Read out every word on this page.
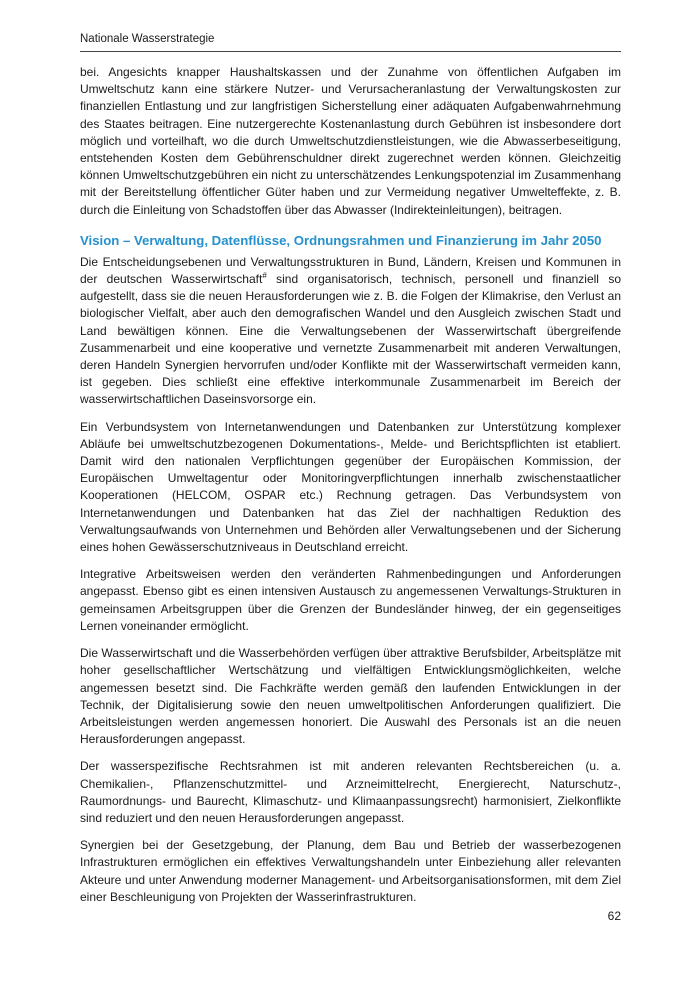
Nationale Wasserstrategie

bei. Angesichts knapper Haushaltskassen und der Zunahme von öffentlichen Aufgaben im Umweltschutz kann eine stärkere Nutzer- und Verursacheranlastung der Verwaltungskosten zur finanziellen Entlastung und zur langfristigen Sicherstellung einer adäquaten Aufgabenwahrnehmung des Staates beitragen. Eine nutzergerechte Kostenanlastung durch Gebühren ist insbesondere dort möglich und vorteilhaft, wo die durch Umweltschutzdienstleistungen, wie die Abwasserbeseitigung, entstehenden Kosten dem Gebührenschuldner direkt zugerechnet werden können. Gleichzeitig können Umweltschutzgebühren ein nicht zu unterschätzendes Lenkungspotenzial im Zusammenhang mit der Bereitstellung öffentlicher Güter haben und zur Vermeidung negativer Umwelteffekte, z. B. durch die Einleitung von Schadstoffen über das Abwasser (Indirekteinleitungen), beitragen.

Vision – Verwaltung, Datenflüsse, Ordnungsrahmen und Finanzierung im Jahr 2050

Die Entscheidungsebenen und Verwaltungsstrukturen in Bund, Ländern, Kreisen und Kommunen in der deutschen Wasserwirtschaft# sind organisatorisch, technisch, personell und finanziell so aufgestellt, dass sie die neuen Herausforderungen wie z. B. die Folgen der Klimakrise, den Verlust an biologischer Vielfalt, aber auch den demografischen Wandel und den Ausgleich zwischen Stadt und Land bewältigen können. Eine die Verwaltungsebenen der Wasserwirtschaft übergreifende Zusammenarbeit und eine kooperative und vernetzte Zusammenarbeit mit anderen Verwaltungen, deren Handeln Synergien hervorrufen und/oder Konflikte mit der Wasserwirtschaft vermeiden kann, ist gegeben. Dies schließt eine effektive interkommunale Zusammenarbeit im Bereich der wasserwirtschaftlichen Daseinsvorsorge ein.

Ein Verbundsystem von Internetanwendungen und Datenbanken zur Unterstützung komplexer Abläufe bei umweltschutzbezogenen Dokumentations-, Melde- und Berichtspflichten ist etabliert. Damit wird den nationalen Verpflichtungen gegenüber der Europäischen Kommission, der Europäischen Umweltagentur oder Monitoringverpflichtungen innerhalb zwischenstaatlicher Kooperationen (HELCOM, OSPAR etc.) Rechnung getragen. Das Verbundsystem von Internetanwendungen und Datenbanken hat das Ziel der nachhaltigen Reduktion des Verwaltungsaufwands von Unternehmen und Behörden aller Verwaltungsebenen und der Sicherung eines hohen Gewässerschutzniveaus in Deutschland erreicht.

Integrative Arbeitsweisen werden den veränderten Rahmenbedingungen und Anforderungen angepasst. Ebenso gibt es einen intensiven Austausch zu angemessenen Verwaltungs-Strukturen in gemeinsamen Arbeitsgruppen über die Grenzen der Bundesländer hinweg, der ein gegenseitiges Lernen voneinander ermöglicht.

Die Wasserwirtschaft und die Wasserbehörden verfügen über attraktive Berufsbilder, Arbeitsplätze mit hoher gesellschaftlicher Wertschätzung und vielfältigen Entwicklungsmöglichkeiten, welche angemessen besetzt sind. Die Fachkräfte werden gemäß den laufenden Entwicklungen in der Technik, der Digitalisierung sowie den neuen umweltpolitischen Anforderungen qualifiziert. Die Arbeitsleistungen werden angemessen honoriert. Die Auswahl des Personals ist an die neuen Herausforderungen angepasst.

Der wasserspezifische Rechtsrahmen ist mit anderen relevanten Rechtsbereichen (u. a. Chemikalien-, Pflanzenschutzmittel- und Arzneimittelrecht, Energierecht, Naturschutz-, Raumordnungs- und Baurecht, Klimaschutz- und Klimaanpassungsrecht) harmonisiert, Zielkonflikte sind reduziert und den neuen Herausforderungen angepasst.

Synergien bei der Gesetzgebung, der Planung, dem Bau und Betrieb der wasserbezogenen Infrastrukturen ermöglichen ein effektives Verwaltungshandeln unter Einbeziehung aller relevanten Akteure und unter Anwendung moderner Management- und Arbeitsorganisationsformen, mit dem Ziel einer Beschleunigung von Projekten der Wasserinfrastrukturen.

62
